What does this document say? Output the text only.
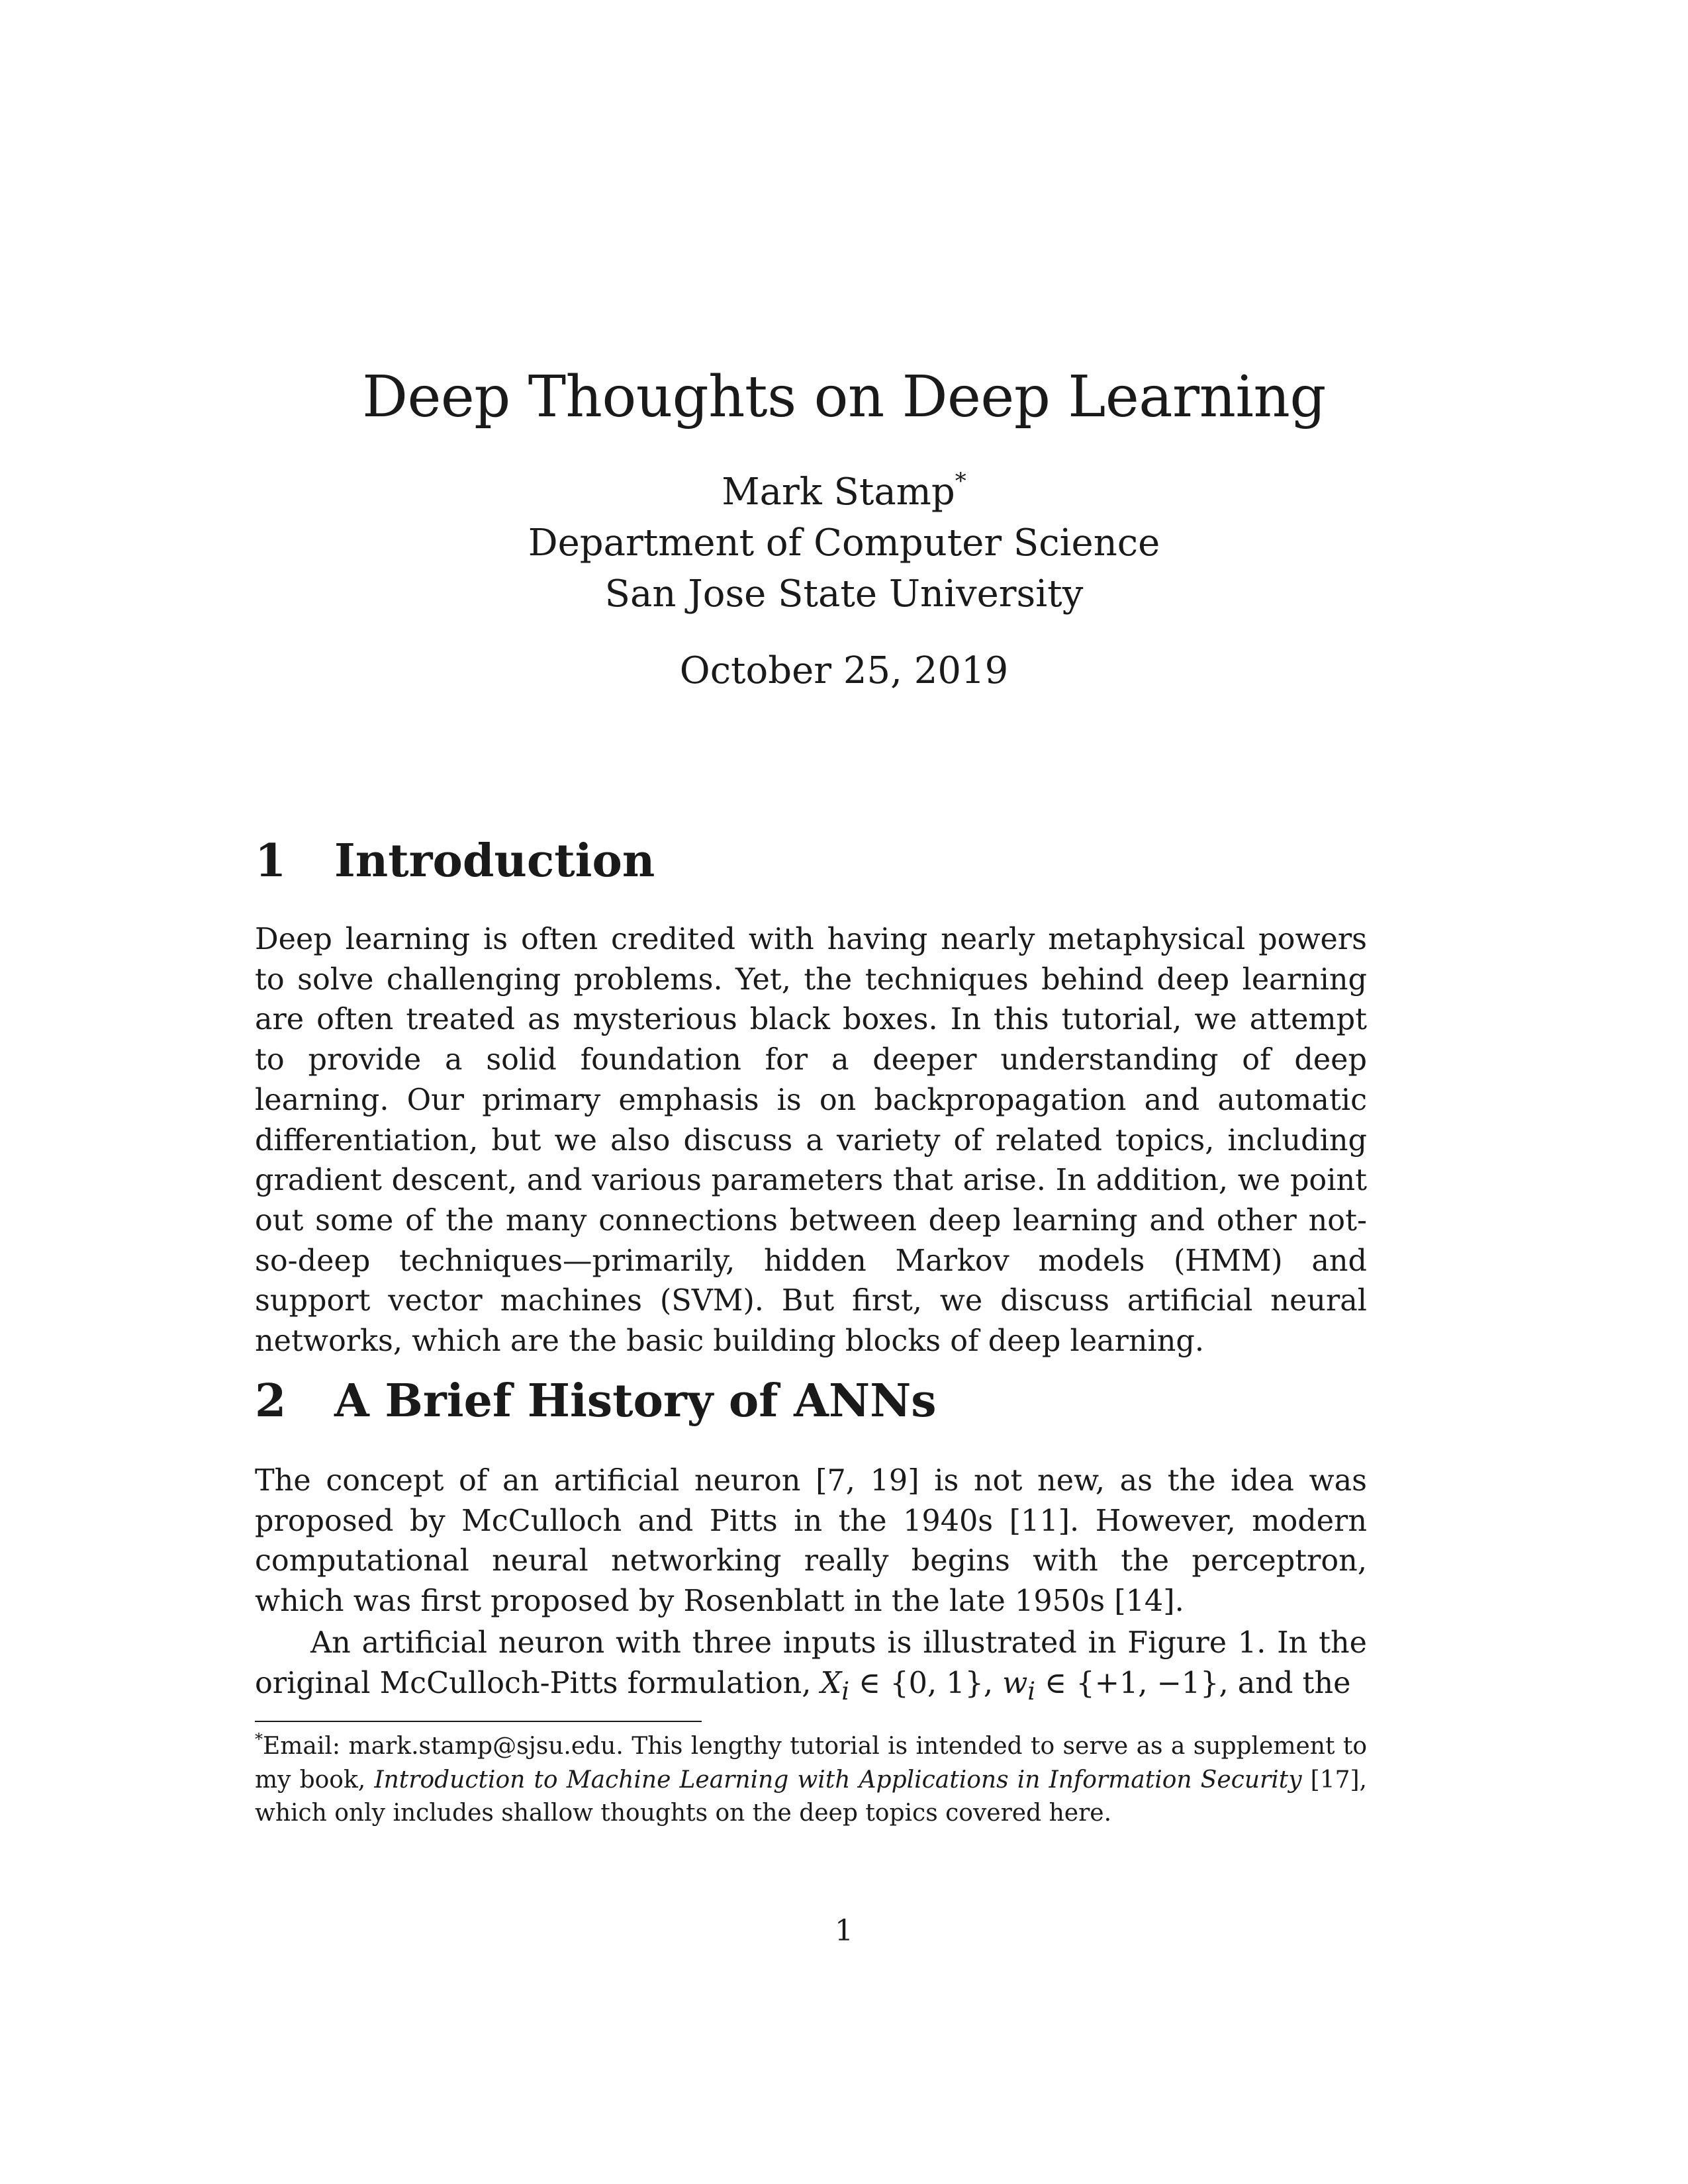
Deep Thoughts on Deep Learning
Mark Stamp*
Department of Computer Science
San Jose State University
October 25, 2019
1 Introduction
Deep learning is often credited with having nearly metaphysical powers to solve challenging problems. Yet, the techniques behind deep learning are often treated as mysterious black boxes. In this tutorial, we attempt to provide a solid foundation for a deeper understanding of deep learning. Our primary emphasis is on backpropagation and automatic differentiation, but we also discuss a variety of related topics, including gradient descent, and various parameters that arise. In addition, we point out some of the many connections between deep learning and other not-so-deep techniques—primarily, hidden Markov models (HMM) and support vector machines (SVM). But first, we discuss artificial neural networks, which are the basic building blocks of deep learning.
2 A Brief History of ANNs
The concept of an artificial neuron [7, 19] is not new, as the idea was proposed by McCulloch and Pitts in the 1940s [11]. However, modern computational neural networking really begins with the perceptron, which was first proposed by Rosenblatt in the late 1950s [14].
An artificial neuron with three inputs is illustrated in Figure 1. In the original McCulloch-Pitts formulation, $X_i$ ∈ {0, 1}, $w_i$ ∈ {+1, −1}, and the
*Email: mark.stamp@sjsu.edu. This lengthy tutorial is intended to serve as a supplement to my book, Introduction to Machine Learning with Applications in Information Security [17], which only includes shallow thoughts on the deep topics covered here.
1
